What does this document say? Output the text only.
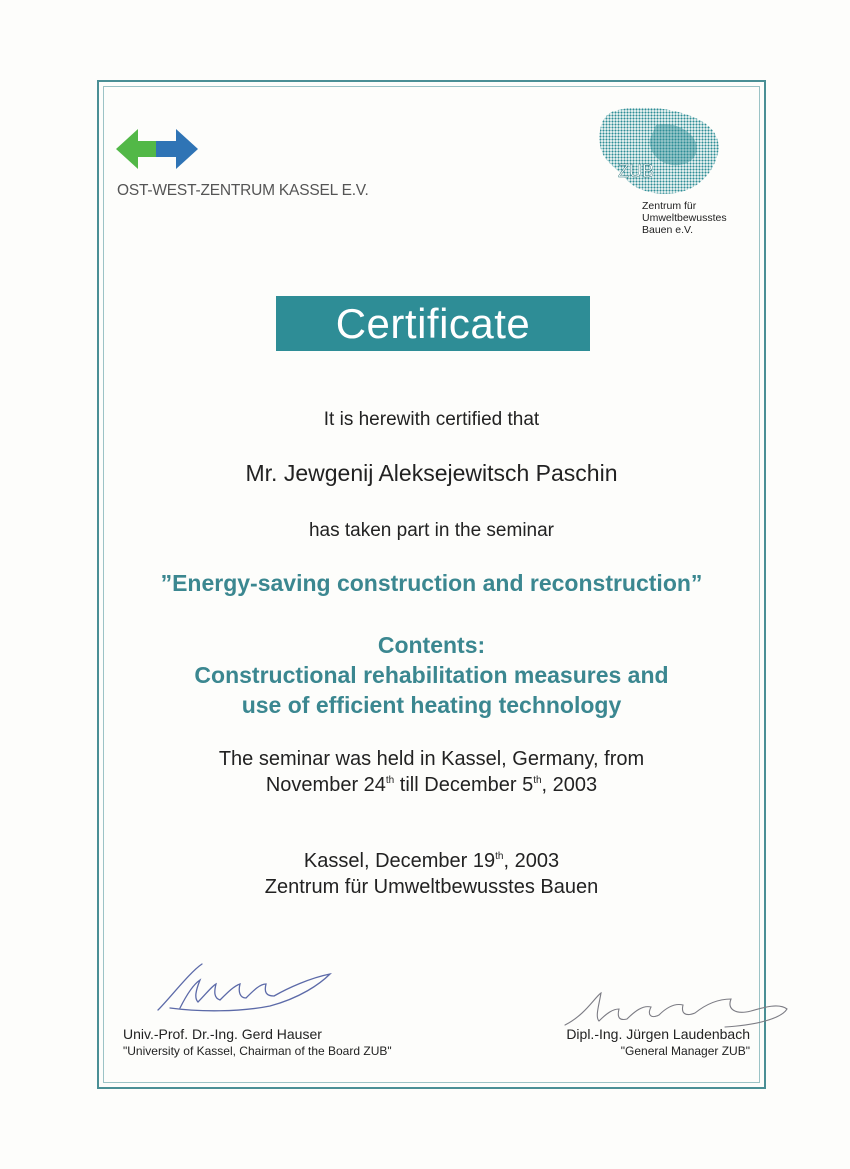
OST-WEST-ZENTRUM KASSEL E.V.
ZUB
Zentrum für
Umweltbewusstes
Bauen e.V.
Certificate
It is herewith certified that
Mr. Jewgenij Aleksejewitsch Paschin
has taken part in the seminar
”Energy-saving construction and reconstruction”
Contents:
Constructional rehabilitation measures and
use of efficient heating technology
The seminar was held in Kassel, Germany, from
November 24th till December 5th, 2003
Kassel, December 19th, 2003
Zentrum für Umweltbewusstes Bauen
Univ.-Prof. Dr.-Ing. Gerd Hauser
"University of Kassel, Chairman of the Board ZUB"
Dipl.-Ing. Jürgen Laudenbach
"General Manager ZUB"
